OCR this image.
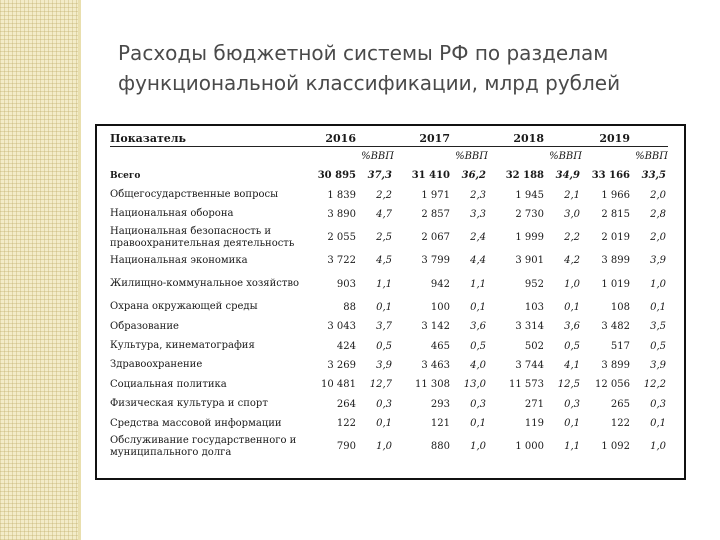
Расходы бюджетной системы РФ по разделам функциональной классификации, млрд рублей
Показатель	2016		2017		2018		2019	
		%ВВП		%ВВП		%ВВП		%ВВП
Всего	30 895	37,3	31 410	36,2	32 188	34,9	33 166	33,5
Общегосударственные вопросы	1 839	2,2	1 971	2,3	1 945	2,1	1 966	2,0
Национальная оборона	3 890	4,7	2 857	3,3	2 730	3,0	2 815	2,8
Национальная безопасность и правоохранительная деятельность	2 055	2,5	2 067	2,4	1 999	2,2	2 019	2,0
Национальная экономика	3 722	4,5	3 799	4,4	3 901	4,2	3 899	3,9
Жилищно-коммунальное хозяйство	903	1,1	942	1,1	952	1,0	1 019	1,0
Охрана окружающей среды	88	0,1	100	0,1	103	0,1	108	0,1
Образование	3 043	3,7	3 142	3,6	3 314	3,6	3 482	3,5
Культура, кинематография	424	0,5	465	0,5	502	0,5	517	0,5
Здравоохранение	3 269	3,9	3 463	4,0	3 744	4,1	3 899	3,9
Социальная политика	10 481	12,7	11 308	13,0	11 573	12,5	12 056	12,2
Физическая культура и спорт	264	0,3	293	0,3	271	0,3	265	0,3
Средства массовой информации	122	0,1	121	0,1	119	0,1	122	0,1
Обслуживание государственного и муниципального долга	790	1,0	880	1,0	1 000	1,1	1 092	1,0
